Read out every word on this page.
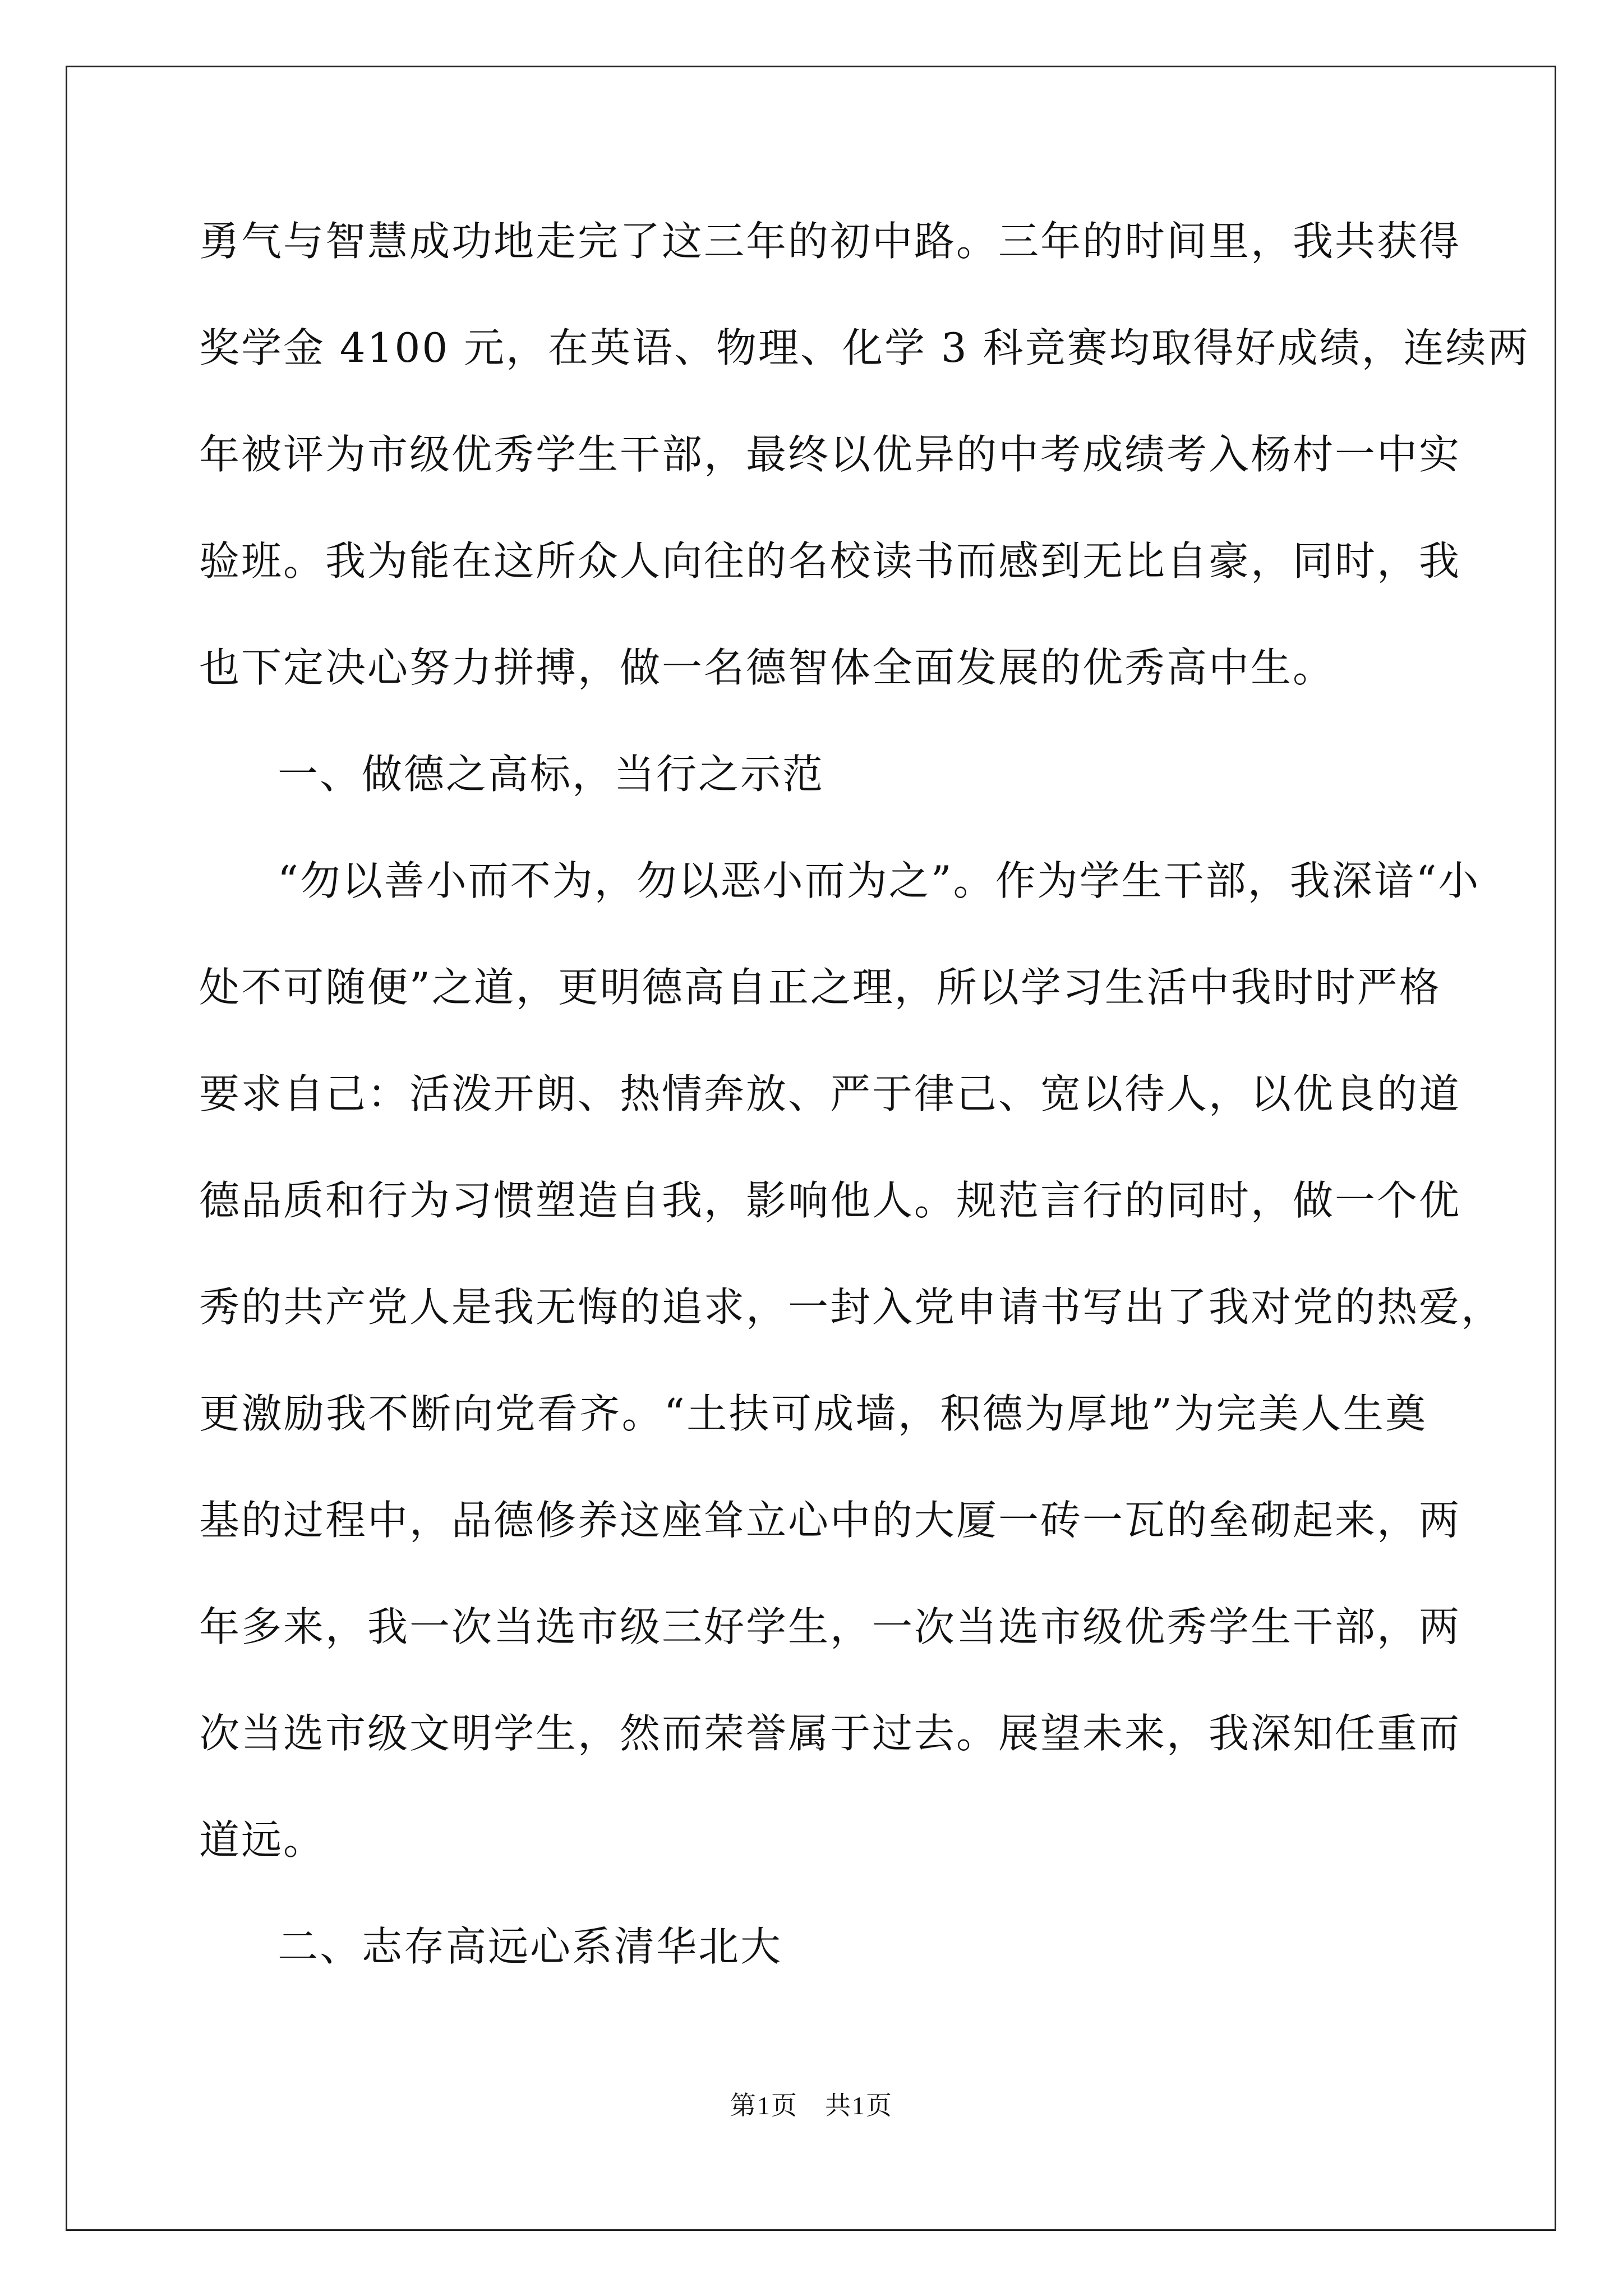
勇气与智慧成功地走完了这三年的初中路。三年的时间里，我共获得
奖学金 4100 元，在英语、物理、化学 3 科竞赛均取得好成绩，连续两
年被评为市级优秀学生干部，最终以优异的中考成绩考入杨村一中实
验班。我为能在这所众人向往的名校读书而感到无比自豪，同时，我
也下定决心努力拼搏，做一名德智体全面发展的优秀高中生。
一、做德之高标，当行之示范
“勿以善小而不为，勿以恶小而为之”。作为学生干部，我深谙“小
处不可随便”之道，更明德高自正之理，所以学习生活中我时时严格
要求自己：活泼开朗、热情奔放、严于律己、宽以待人，以优良的道
德品质和行为习惯塑造自我，影响他人。规范言行的同时，做一个优
秀的共产党人是我无悔的追求，一封入党申请书写出了我对党的热爱，
更激励我不断向党看齐。“土扶可成墙，积德为厚地”为完美人生奠
基的过程中，品德修养这座耸立心中的大厦一砖一瓦的垒砌起来，两
年多来，我一次当选市级三好学生，一次当选市级优秀学生干部，两
次当选市级文明学生，然而荣誉属于过去。展望未来，我深知任重而
道远。
二、志存高远心系清华北大
第1页　共1页
